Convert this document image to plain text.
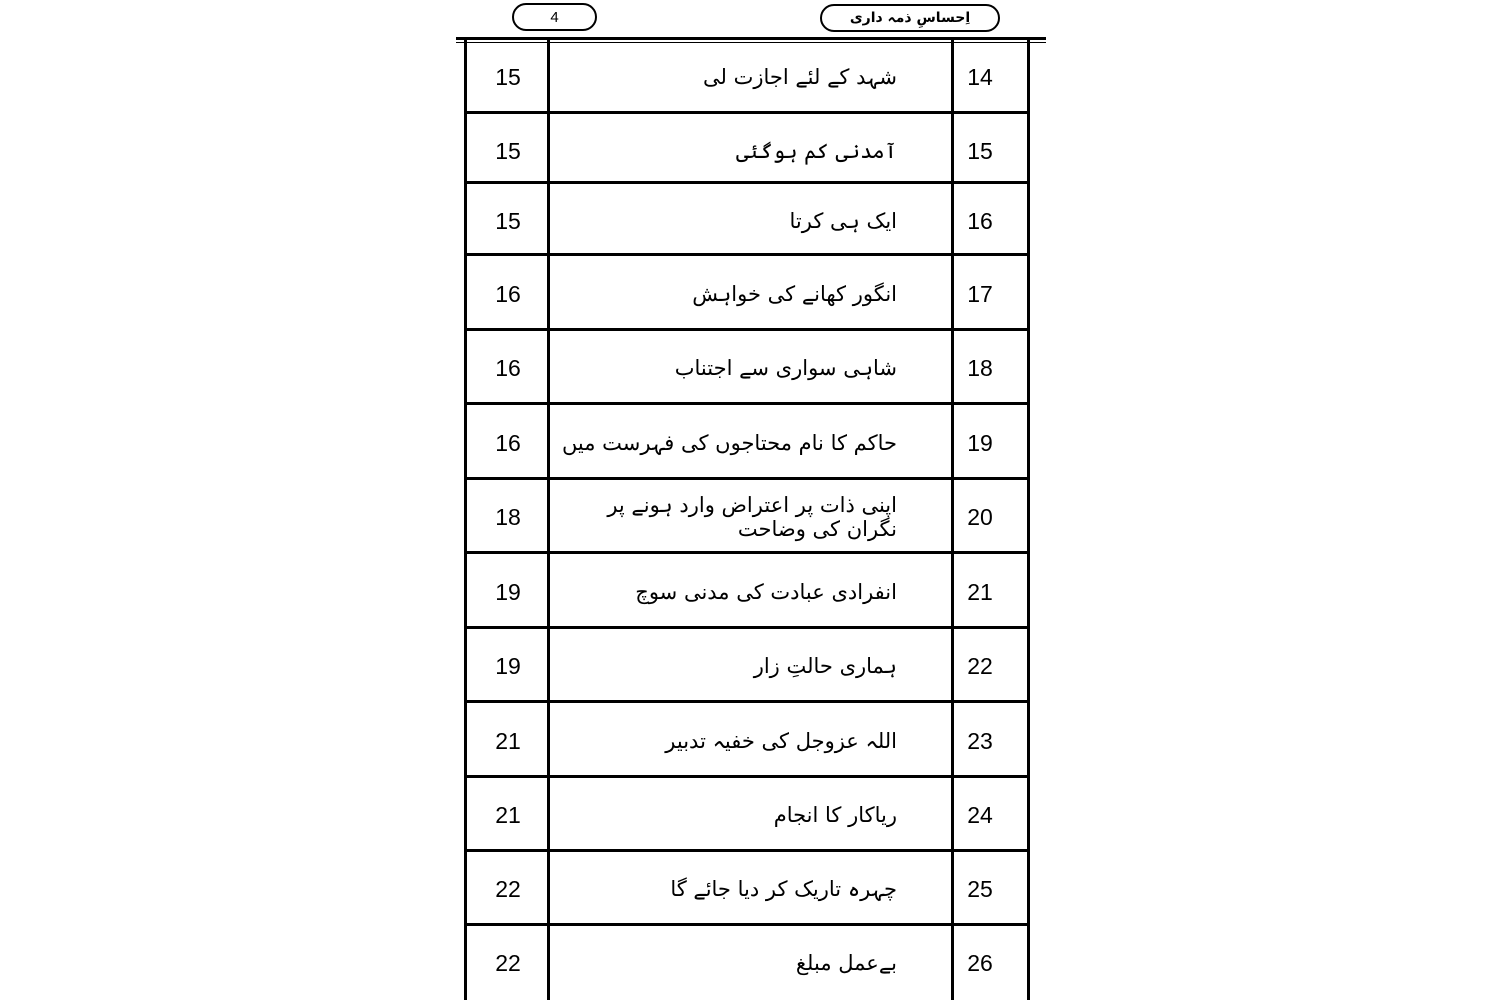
4	اِحساسِ ذمہ داری
15	شہد کے لئے اجازت لی	14
15	آمدنی کم ہوگئی	15
15	ایک ہی کرتا	16
16	انگور کھانے کی خواہش	17
16	شاہی سواری سے اجتناب	18
16	حاکم کا نام محتاجوں کی فہرست میں	19
18	اپنی ذات پر اعتراض وارد ہونے پر نگران کی وضاحت	20
19	انفرادی عبادت کی مدنی سوچ	21
19	ہماری حالتِ زار	22
21	اللہ عزوجل کی خفیہ تدبیر	23
21	ریاکار کا انجام	24
22	چہرہ تاریک کر دیا جائے گا	25
22	بےعمل مبلغ	26
